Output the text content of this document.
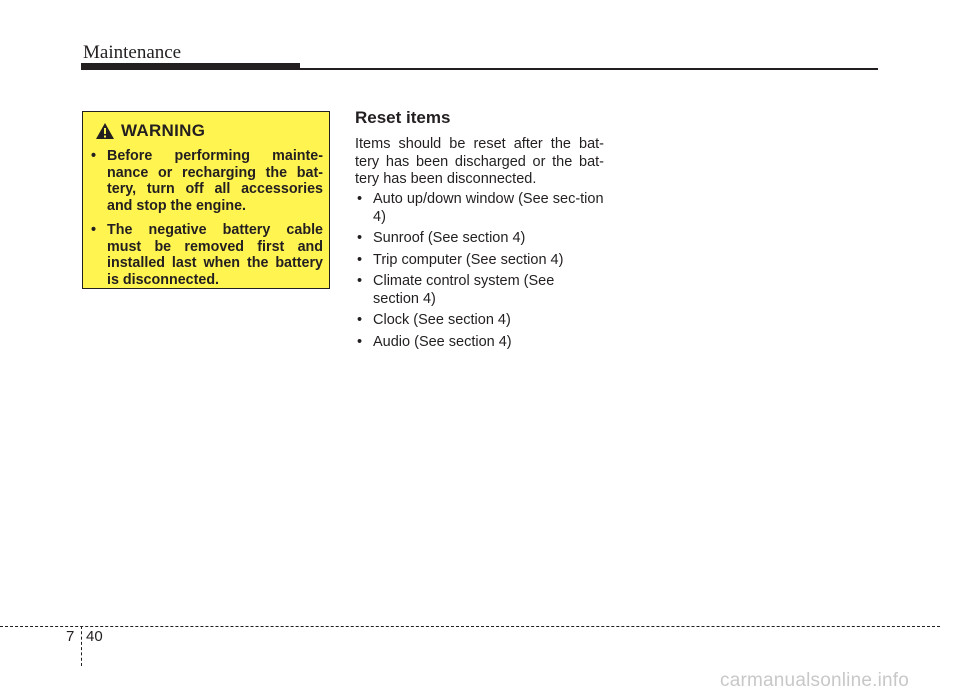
Maintenance
WARNING
• Before performing mainte-nance or recharging the bat-tery, turn off all accessories and stop the engine.
• The negative battery cable must be removed first and installed last when the battery is disconnected.
Reset items

Items should be reset after the bat-tery has been discharged or the bat-tery has been disconnected.

• Auto up/down window (See sec-tion 4)
• Sunroof (See section 4)
• Trip computer (See section 4)
• Climate control system (See section 4)
• Clock (See section 4)
• Audio (See section 4)
7 40
carmanualsonline.info
